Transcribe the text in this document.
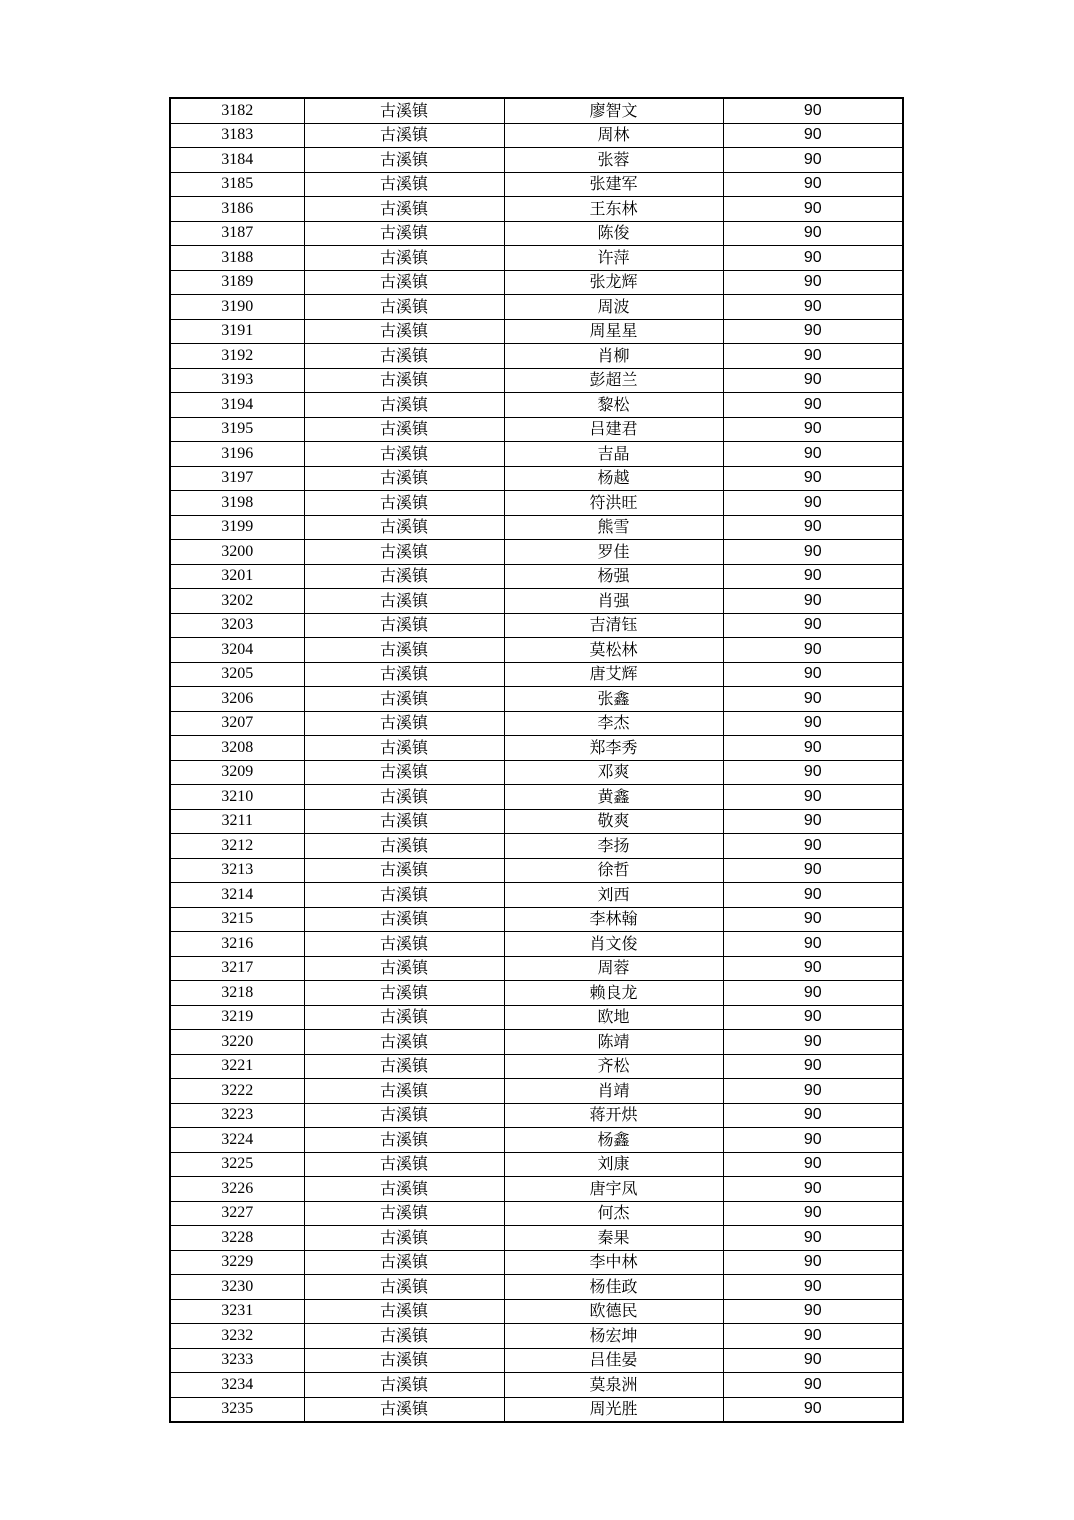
3182	古溪镇	廖智文	90
3183	古溪镇	周林	90
3184	古溪镇	张蓉	90
3185	古溪镇	张建军	90
3186	古溪镇	王东林	90
3187	古溪镇	陈俊	90
3188	古溪镇	许萍	90
3189	古溪镇	张龙辉	90
3190	古溪镇	周波	90
3191	古溪镇	周星星	90
3192	古溪镇	肖柳	90
3193	古溪镇	彭超兰	90
3194	古溪镇	黎松	90
3195	古溪镇	吕建君	90
3196	古溪镇	吉晶	90
3197	古溪镇	杨越	90
3198	古溪镇	符洪旺	90
3199	古溪镇	熊雪	90
3200	古溪镇	罗佳	90
3201	古溪镇	杨强	90
3202	古溪镇	肖强	90
3203	古溪镇	吉清钰	90
3204	古溪镇	莫松林	90
3205	古溪镇	唐艾辉	90
3206	古溪镇	张鑫	90
3207	古溪镇	李杰	90
3208	古溪镇	郑李秀	90
3209	古溪镇	邓爽	90
3210	古溪镇	黄鑫	90
3211	古溪镇	敬爽	90
3212	古溪镇	李扬	90
3213	古溪镇	徐哲	90
3214	古溪镇	刘西	90
3215	古溪镇	李林翰	90
3216	古溪镇	肖文俊	90
3217	古溪镇	周蓉	90
3218	古溪镇	赖良龙	90
3219	古溪镇	欧地	90
3220	古溪镇	陈靖	90
3221	古溪镇	齐松	90
3222	古溪镇	肖靖	90
3223	古溪镇	蒋开烘	90
3224	古溪镇	杨鑫	90
3225	古溪镇	刘康	90
3226	古溪镇	唐宇凤	90
3227	古溪镇	何杰	90
3228	古溪镇	秦果	90
3229	古溪镇	李中林	90
3230	古溪镇	杨佳政	90
3231	古溪镇	欧德民	90
3232	古溪镇	杨宏坤	90
3233	古溪镇	吕佳晏	90
3234	古溪镇	莫泉洲	90
3235	古溪镇	周光胜	90
